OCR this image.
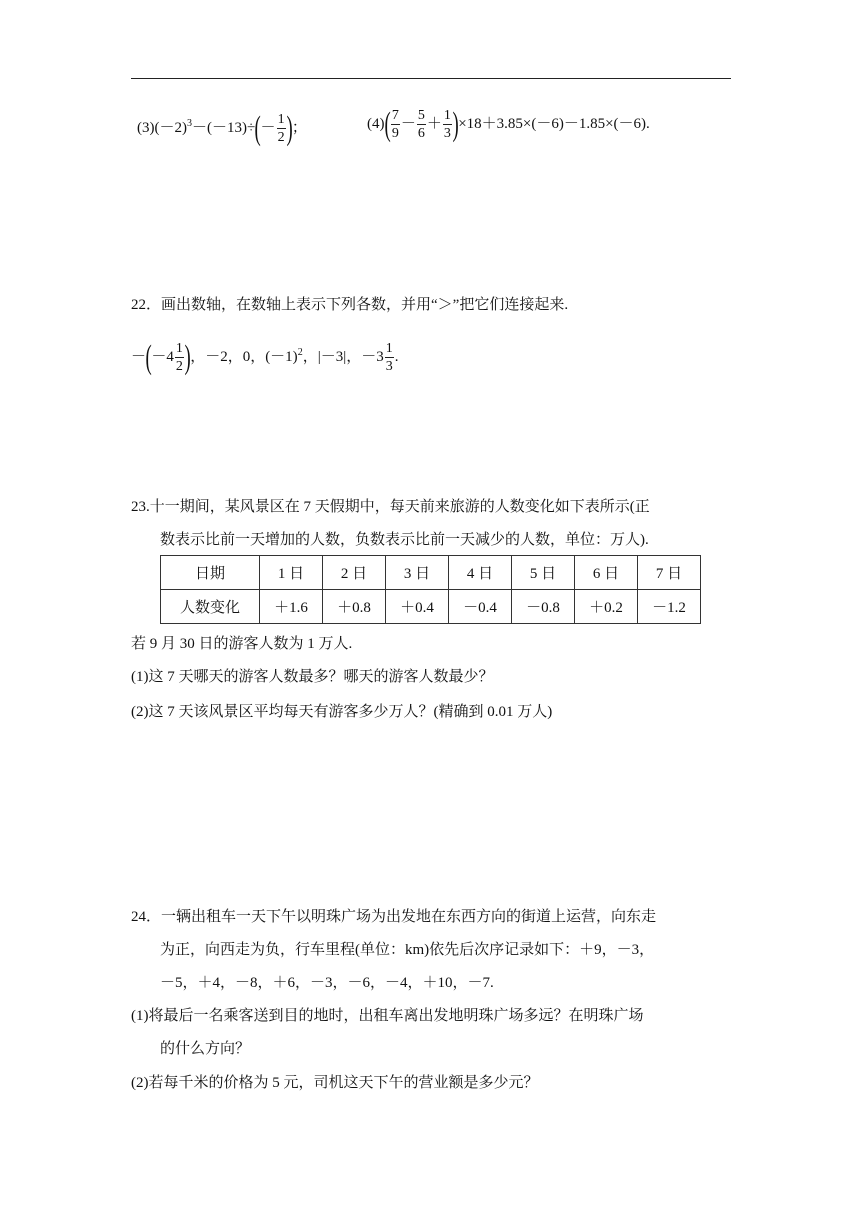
$(3)(-2)^3-(-13)\div(- \frac{1}{2}$ )；	$(4)( \frac{7}{9} - \frac{5}{6} + \frac{1}{3} )\times 18+3.85\times(-6)-1.85\times(-6)$.
22．画出数轴，在数轴上表示下列各数，并用“＞”把它们连接起来.
$-(-4 \frac{1}{2}$ )，－2，0，$(-1)^2$，|－3|，$-3 \frac{1}{3}$ .
23.十一期间，某风景区在 7 天假期中，每天前来旅游的人数变化如下表所示(正
数表示比前一天增加的人数，负数表示比前一天减少的人数，单位：万人).
日期	1 日	2 日	3 日	4 日	5 日	6 日	7 日
人数变化	＋1.6	＋0.8	＋0.4	－0.4	－0.8	＋0.2	－1.2
若 9 月 30 日的游客人数为 1 万人.
(1)这 7 天哪天的游客人数最多？哪天的游客人数最少？
(2)这 7 天该风景区平均每天有游客多少万人？(精确到 0.01 万人)
24．一辆出租车一天下午以明珠广场为出发地在东西方向的街道上运营，向东走
为正，向西走为负，行车里程(单位：km)依先后次序记录如下：＋9，－3，
－5，＋4，－8，＋6，－3，－6，－4，＋10，－7.
(1)将最后一名乘客送到目的地时，出租车离出发地明珠广场多远？在明珠广场
的什么方向？
(2)若每千米的价格为 5 元，司机这天下午的营业额是多少元？
